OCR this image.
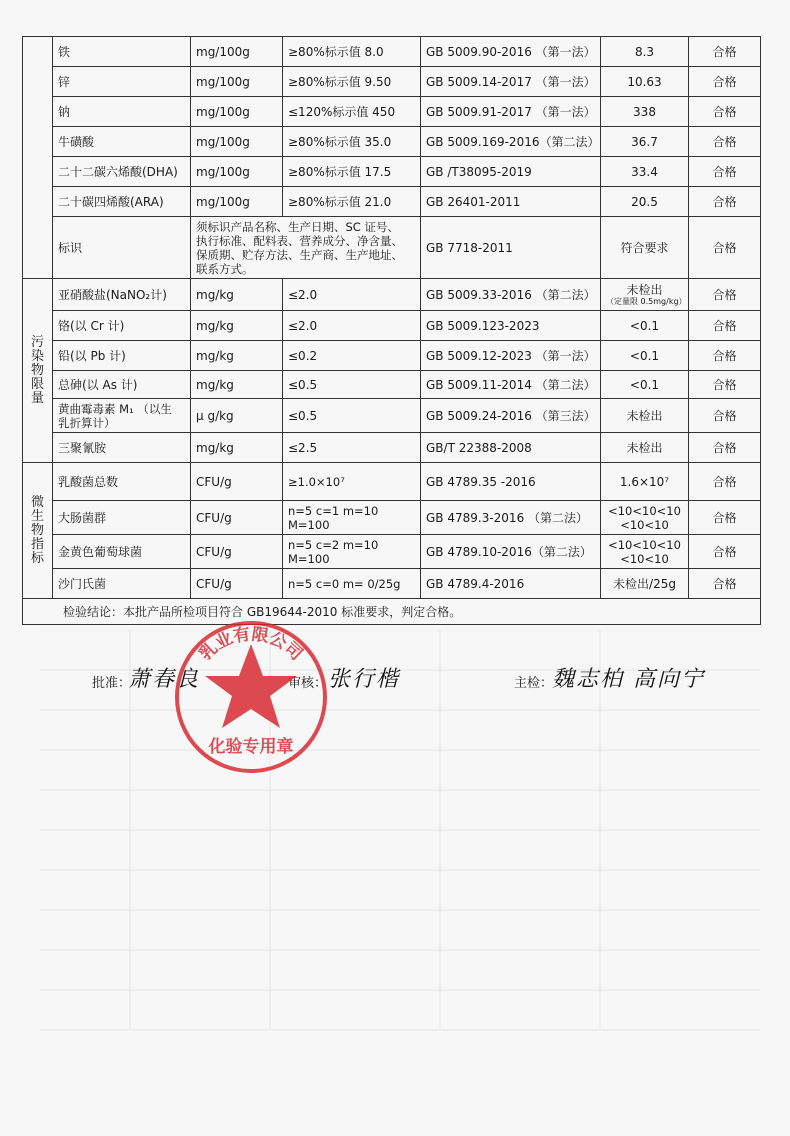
	铁	mg/100g	≥80%标示值 8.0	GB 5009.90-2016 （第一法）	8.3	合格
	锌	mg/100g	≥80%标示值 9.50	GB 5009.14-2017 （第一法）	10.63	合格
	钠	mg/100g	≤120%标示值 450	GB 5009.91-2017 （第一法）	338	合格
	牛磺酸	mg/100g	≥80%标示值 35.0	GB 5009.169-2016（第二法）	36.7	合格
	二十二碳六烯酸(DHA)	mg/100g	≥80%标示值 17.5	GB /T38095-2019	33.4	合格
	二十碳四烯酸(ARA)	mg/100g	≥80%标示值 21.0	GB 26401-2011	20.5	合格
	标识	须标识产品名称、生产日期、SC 证号、
执行标准、配料表、营养成分、净含量、
保质期、贮存方法、生产商、生产地址、
联系方式。		GB 7718-2011	符合要求	合格

污
染
物
限
量	亚硝酸盐(NaNO₂计)	mg/kg	≤2.0	GB 5009.33-2016 （第二法）	未检出
（定量限 0.5mg/kg）	合格
	铬(以 Cr 计)	mg/kg	≤2.0	GB 5009.123-2023	<0.1	合格
	铅(以 Pb 计)	mg/kg	≤0.2	GB 5009.12-2023 （第一法）	<0.1	合格
	总砷(以 As 计)	mg/kg	≤0.5	GB 5009.11-2014 （第二法）	<0.1	合格

	黄曲霉毒素 M₁ （以生
乳折算计）	μ g/kg	≤0.5	GB 5009.24-2016 （第三法）	未检出	合格
	三聚氰胺	mg/kg	≤2.5	GB/T 22388-2008	未检出	合格

微
生
物
指
标	乳酸菌总数	CFU/g	≥1.0×10⁷	GB 4789.35 -2016	1.6×10⁷	合格
	大肠菌群	CFU/g	n=5 c=1 m=10 M=100	GB 4789.3-2016 （第二法）	<10<10<10
<10<10	合格
	金黄色葡萄球菌	CFU/g	n=5 c=2 m=10 M=100	GB 4789.10-2016（第二法）	<10<10<10
<10<10	合格
	沙门氏菌	CFU/g	n=5 c=0 m= 0/25g	GB 4789.4-2016	未检出/25g	合格
检验结论：本批产品所检项目符合 GB19644-2010 标准要求，判定合格。						
批准：
萧春良	审核： 张行楷	主检：
魏志柏 高向宁
乳业有限公司
化验专用章
